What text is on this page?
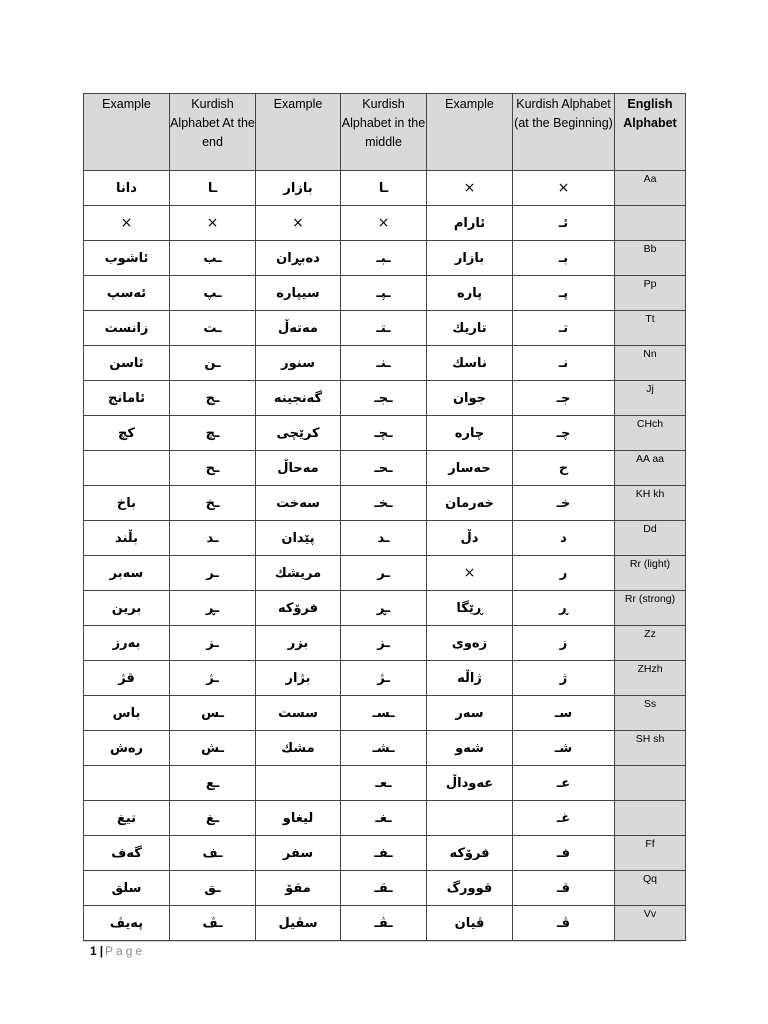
Example	Kurdish Alphabet At the end	Example	Kurdish Alphabet in the middle	Example	Kurdish Alphabet (at the Beginning)	English Alphabet
دانا	ـا	بازار	ـا	×	×	Aa
×	×	×	×	ئارام	ئـ	
ئاشوب	ـب	دەبڕان	ـبـ	بازار	بـ	Bb
ئەسپ	ـپ	سیپارە	ـپـ	پارە	پـ	Pp
زانست	ـت	مەتەڵ	ـتـ	تاریك	تـ	Tt
ئاسن	ـن	سنور	ـنـ	ناسك	نـ	Nn
ئامانج	ـج	گەنجینە	ـجـ	جوان	جـ	Jj
کچ	ـچ	کرێچی	ـچـ	چارە	چـ	CHch
	ـح	مەحاڵ	ـحـ	حەسار	ح	AA aa
باخ	ـخ	سەخت	ـخـ	خەرمان	خـ	KH kh
بڵند	ـد	پێدان	ـد	دڵ	د	Dd
سەبر	ـر	مریشك	ـر	×	ر	Rr (light)
برین	ـڕ	فرۆکە	ـڕ	ڕێگا	ڕ	Rr (strong)
بەرز	ـز	بزر	ـز	زەوی	ز	Zz
قژ	ـژ	بژار	ـژ	ژاڵە	ژ	ZHzh
باس	ـس	سست	ـسـ	سەر	سـ	Ss
رەش	ـش	مشك	ـشـ	شەو	شـ	SH sh
	ـع		ـعـ	عەوداڵ	عـ	
تیغ	ـغ	لیغاو	ـغـ		غـ	
گەف	ـف	سفر	ـفـ	فرۆکە	فـ	Ff
سلق	ـق	مقۆ	ـقـ	قوورگ	قـ	Qq
پەیڤ	ـڤ	سڤیل	ـڤـ	ڤیان	ڤـ	Vv
1 | Page
